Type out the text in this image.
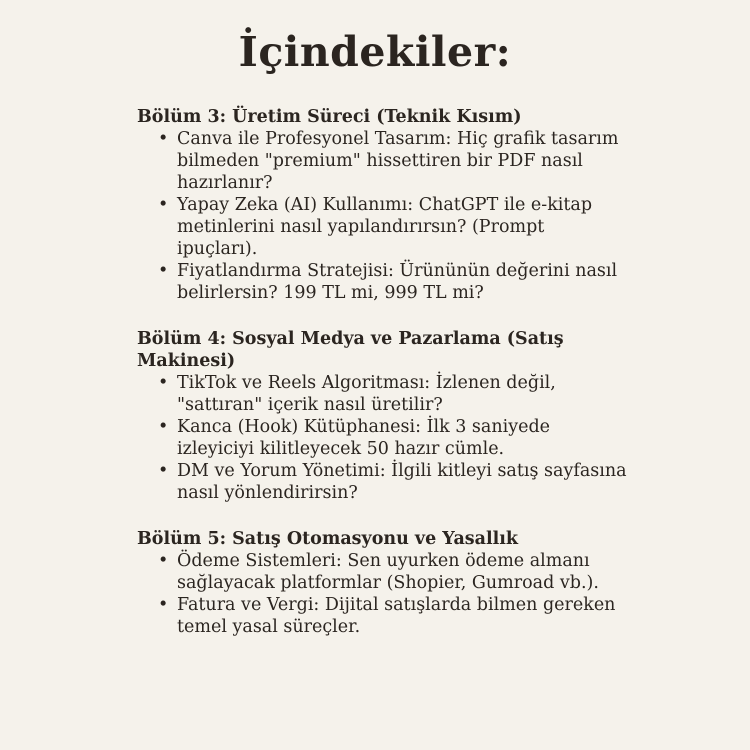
İçindekiler:
Bölüm 3: Üretim Süreci (Teknik Kısım)
• Canva ile Profesyonel Tasarım: Hiç grafik tasarım bilmeden "premium" hissettiren bir PDF nasıl hazırlanır?
• Yapay Zeka (AI) Kullanımı: ChatGPT ile e-kitap metinlerini nasıl yapılandırırsın? (Prompt ipuçları).
• Fiyatlandırma Stratejisi: Ürününün değerini nasıl belirlersin? 199 TL mi, 999 TL mi?
Bölüm 4: Sosyal Medya ve Pazarlama (Satış Makinesi)
• TikTok ve Reels Algoritması: İzlenen değil, "sattıran" içerik nasıl üretilir?
• Kanca (Hook) Kütüphanesi: İlk 3 saniyede izleyiciyi kilitleyecek 50 hazır cümle.
• DM ve Yorum Yönetimi: İlgili kitleyi satış sayfasına nasıl yönlendirirsin?
Bölüm 5: Satış Otomasyonu ve Yasallık
• Ödeme Sistemleri: Sen uyurken ödeme almanı sağlayacak platformlar (Shopier, Gumroad vb.).
• Fatura ve Vergi: Dijital satışlarda bilmen gereken temel yasal süreçler.
